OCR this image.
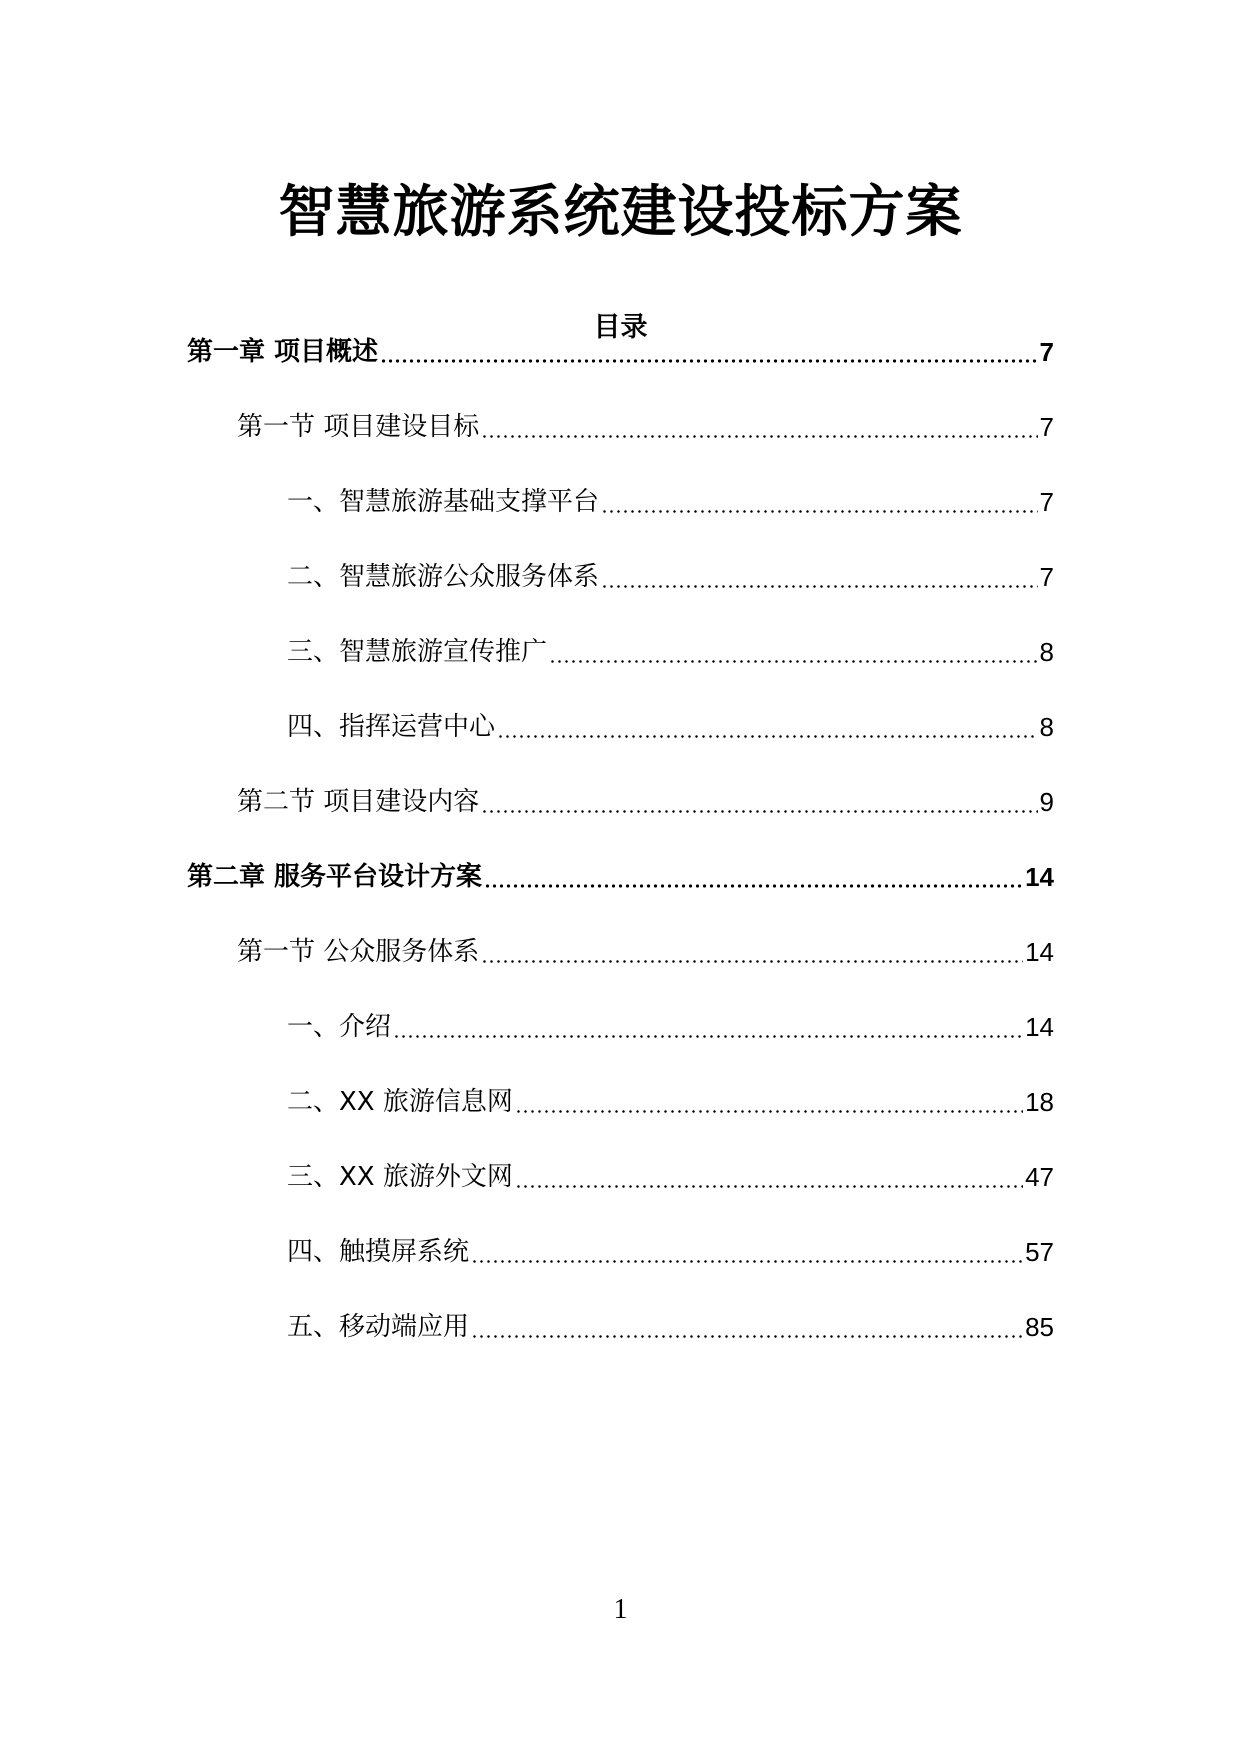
智慧旅游系统建设投标方案
目录
第一章 项目概述	7
第一节 项目建设目标	7
一、智慧旅游基础支撑平台	7
二、智慧旅游公众服务体系	7
三、智慧旅游宣传推广	8
四、指挥运营中心	8
第二节 项目建设内容	9
第二章 服务平台设计方案	14
第一节 公众服务体系	14
一、介绍	14
二、XX 旅游信息网	18
三、XX 旅游外文网	47
四、触摸屏系统	57
五、移动端应用	85
1
